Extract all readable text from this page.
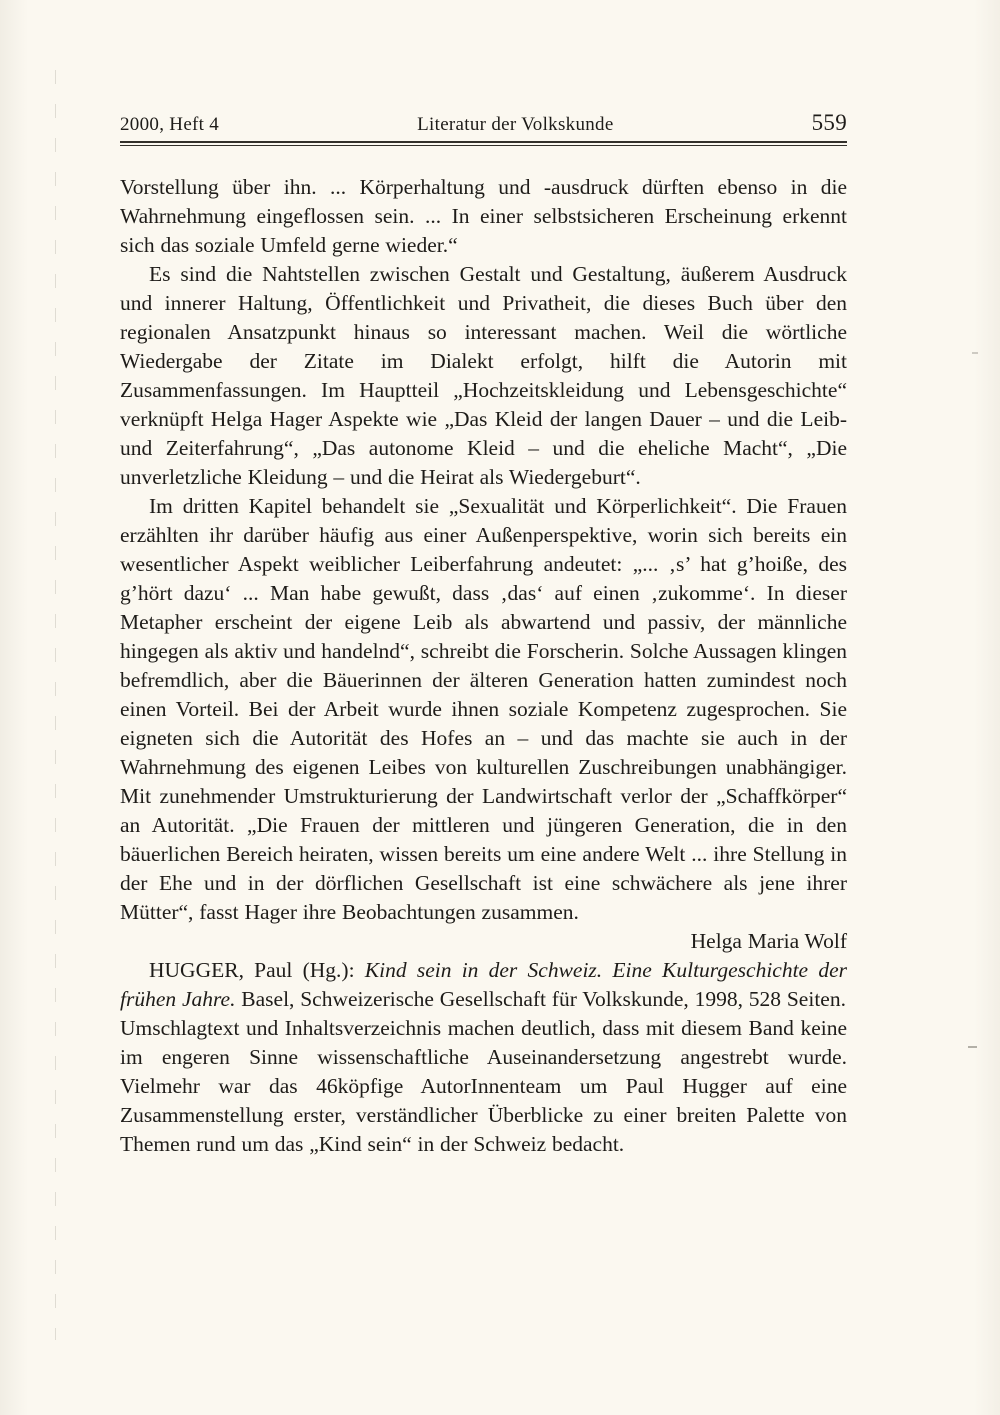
2000, Heft 4	Literatur der Volkskunde	559

Vorstellung über ihn. ... Körperhaltung und -ausdruck dürften ebenso in die Wahrnehmung eingeflossen sein. ... In einer selbstsicheren Erscheinung erkennt sich das soziale Umfeld gerne wieder.“

Es sind die Nahtstellen zwischen Gestalt und Gestaltung, äußerem Ausdruck und innerer Haltung, Öffentlichkeit und Privatheit, die dieses Buch über den regionalen Ansatzpunkt hinaus so interessant machen. Weil die wörtliche Wiedergabe der Zitate im Dialekt erfolgt, hilft die Autorin mit Zusammenfassungen. Im Hauptteil „Hochzeitskleidung und Lebensgeschichte“ verknüpft Helga Hager Aspekte wie „Das Kleid der langen Dauer – und die Leib- und Zeiterfahrung“, „Das autonome Kleid – und die eheliche Macht“, „Die unverletzliche Kleidung – und die Heirat als Wiedergeburt“.

Im dritten Kapitel behandelt sie „Sexualität und Körperlichkeit“. Die Frauen erzählten ihr darüber häufig aus einer Außenperspektive, worin sich bereits ein wesentlicher Aspekt weiblicher Leiberfahrung andeutet: „... ‚s’ hat g’hoiße, des g’hört dazu‘ ... Man habe gewußt, dass ‚das‘ auf einen ‚zukomme‘. In dieser Metapher erscheint der eigene Leib als abwartend und passiv, der männliche hingegen als aktiv und handelnd“, schreibt die Forscherin. Solche Aussagen klingen befremdlich, aber die Bäuerinnen der älteren Generation hatten zumindest noch einen Vorteil. Bei der Arbeit wurde ihnen soziale Kompetenz zugesprochen. Sie eigneten sich die Autorität des Hofes an – und das machte sie auch in der Wahrnehmung des eigenen Leibes von kulturellen Zuschreibungen unabhängiger. Mit zunehmender Umstrukturierung der Landwirtschaft verlor der „Schaffkörper“ an Autorität. „Die Frauen der mittleren und jüngeren Generation, die in den bäuerlichen Bereich heiraten, wissen bereits um eine andere Welt ... ihre Stellung in der Ehe und in der dörflichen Gesellschaft ist eine schwächere als jene ihrer Mütter“, fasst Hager ihre Beobachtungen zusammen.

Helga Maria Wolf

HUGGER, Paul (Hg.): Kind sein in der Schweiz. Eine Kulturgeschichte der frühen Jahre. Basel, Schweizerische Gesellschaft für Volkskunde, 1998, 528 Seiten.

Umschlagtext und Inhaltsverzeichnis machen deutlich, dass mit diesem Band keine im engeren Sinne wissenschaftliche Auseinandersetzung angestrebt wurde. Vielmehr war das 46köpfige AutorInnenteam um Paul Hugger auf eine Zusammenstellung erster, verständlicher Überblicke zu einer breiten Palette von Themen rund um das „Kind sein“ in der Schweiz bedacht.
